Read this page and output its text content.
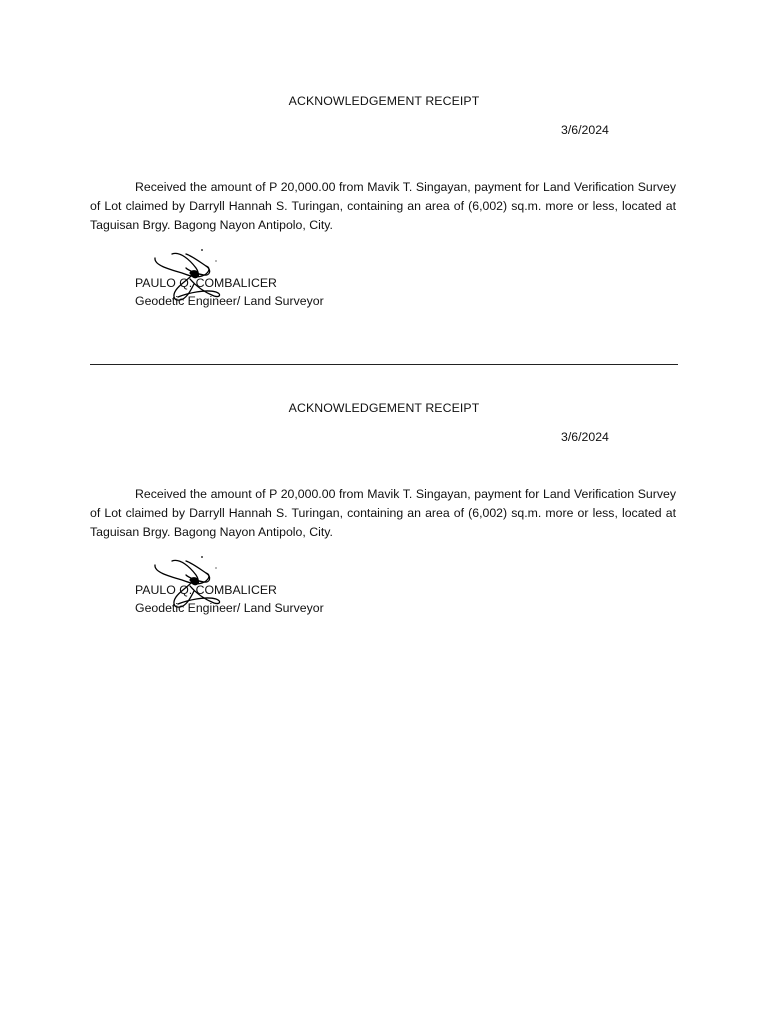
ACKNOWLEDGEMENT RECEIPT
3/6/2024
Received the amount of P 20,000.00 from Mavik T. Singayan, payment for Land Verification Survey of Lot claimed by Darryll Hannah S. Turingan, containing an area of (6,002) sq.m. more or less, located at Taguisan Brgy. Bagong Nayon Antipolo, City.
PAULO Q. COMBALICER
Geodetic Engineer/ Land Surveyor
ACKNOWLEDGEMENT RECEIPT
3/6/2024
Received the amount of P 20,000.00 from Mavik T. Singayan, payment for Land Verification Survey of Lot claimed by Darryll Hannah S. Turingan, containing an area of (6,002) sq.m. more or less, located at Taguisan Brgy. Bagong Nayon Antipolo, City.
PAULO Q. COMBALICER
Geodetic Engineer/ Land Surveyor
